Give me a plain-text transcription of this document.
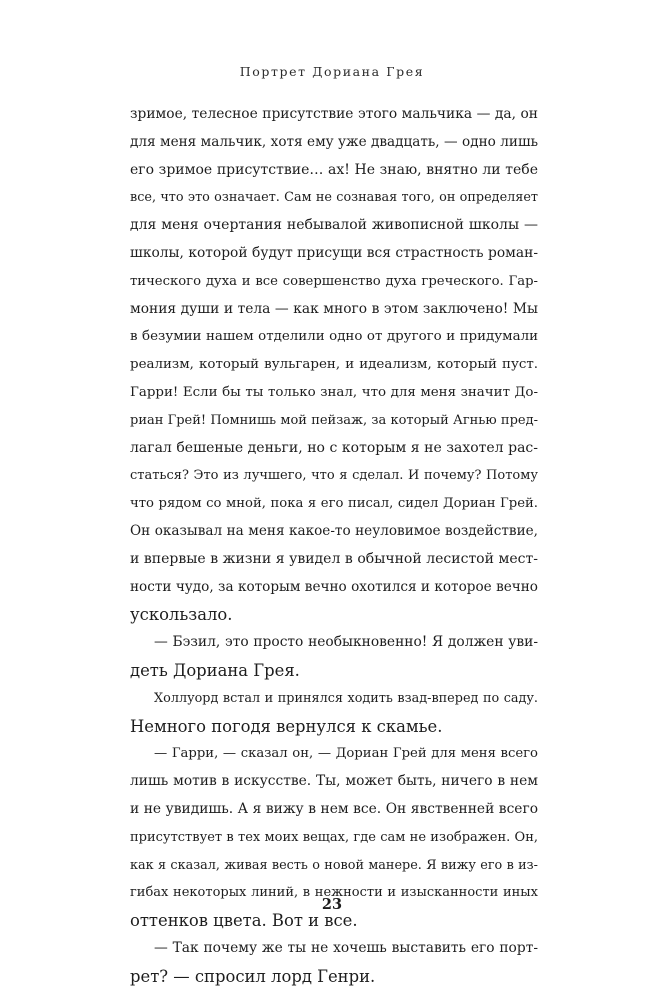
Портрет Дориана Грея
зримое, телесное присутствие этого мальчика — да, он
для меня мальчик, хотя ему уже двадцать, — одно лишь
его зримое присутствие… ах! Не знаю, внятно ли тебе
все, что это означает. Сам не сознавая того, он определяет
для меня очертания небывалой живописной школы —
школы, которой будут присущи вся страстность роман-
тического духа и все совершенство духа греческого. Гар-
мония души и тела — как много в этом заключено! Мы
в безумии нашем отделили одно от другого и придумали
реализм, который вульгарен, и идеализм, который пуст.
Гарри! Если бы ты только знал, что для меня значит До-
риан Грей! Помнишь мой пейзаж, за который Агнью пред-
лагал бешеные деньги, но с которым я не захотел рас-
статься? Это из лучшего, что я сделал. И почему? Потому
что рядом со мной, пока я его писал, сидел Дориан Грей.
Он оказывал на меня какое-то неуловимое воздействие,
и впервые в жизни я увидел в обычной лесистой мест-
ности чудо, за которым вечно охотился и которое вечно
ускользало.
— Бэзил, это просто необыкновенно! Я должен уви-
деть Дориана Грея.
Холлуорд встал и принялся ходить взад-вперед по саду.
Немного погодя вернулся к скамье.
— Гарри, — сказал он, — Дориан Грей для меня всего
лишь мотив в искусстве. Ты, может быть, ничего в нем
и не увидишь. А я вижу в нем все. Он явственней всего
присутствует в тех моих вещах, где сам не изображен. Он,
как я сказал, живая весть о новой манере. Я вижу его в из-
гибах некоторых линий, в нежности и изысканности иных
оттенков цвета. Вот и все.
— Так почему же ты не хочешь выставить его порт-
рет? — спросил лорд Генри.
23
